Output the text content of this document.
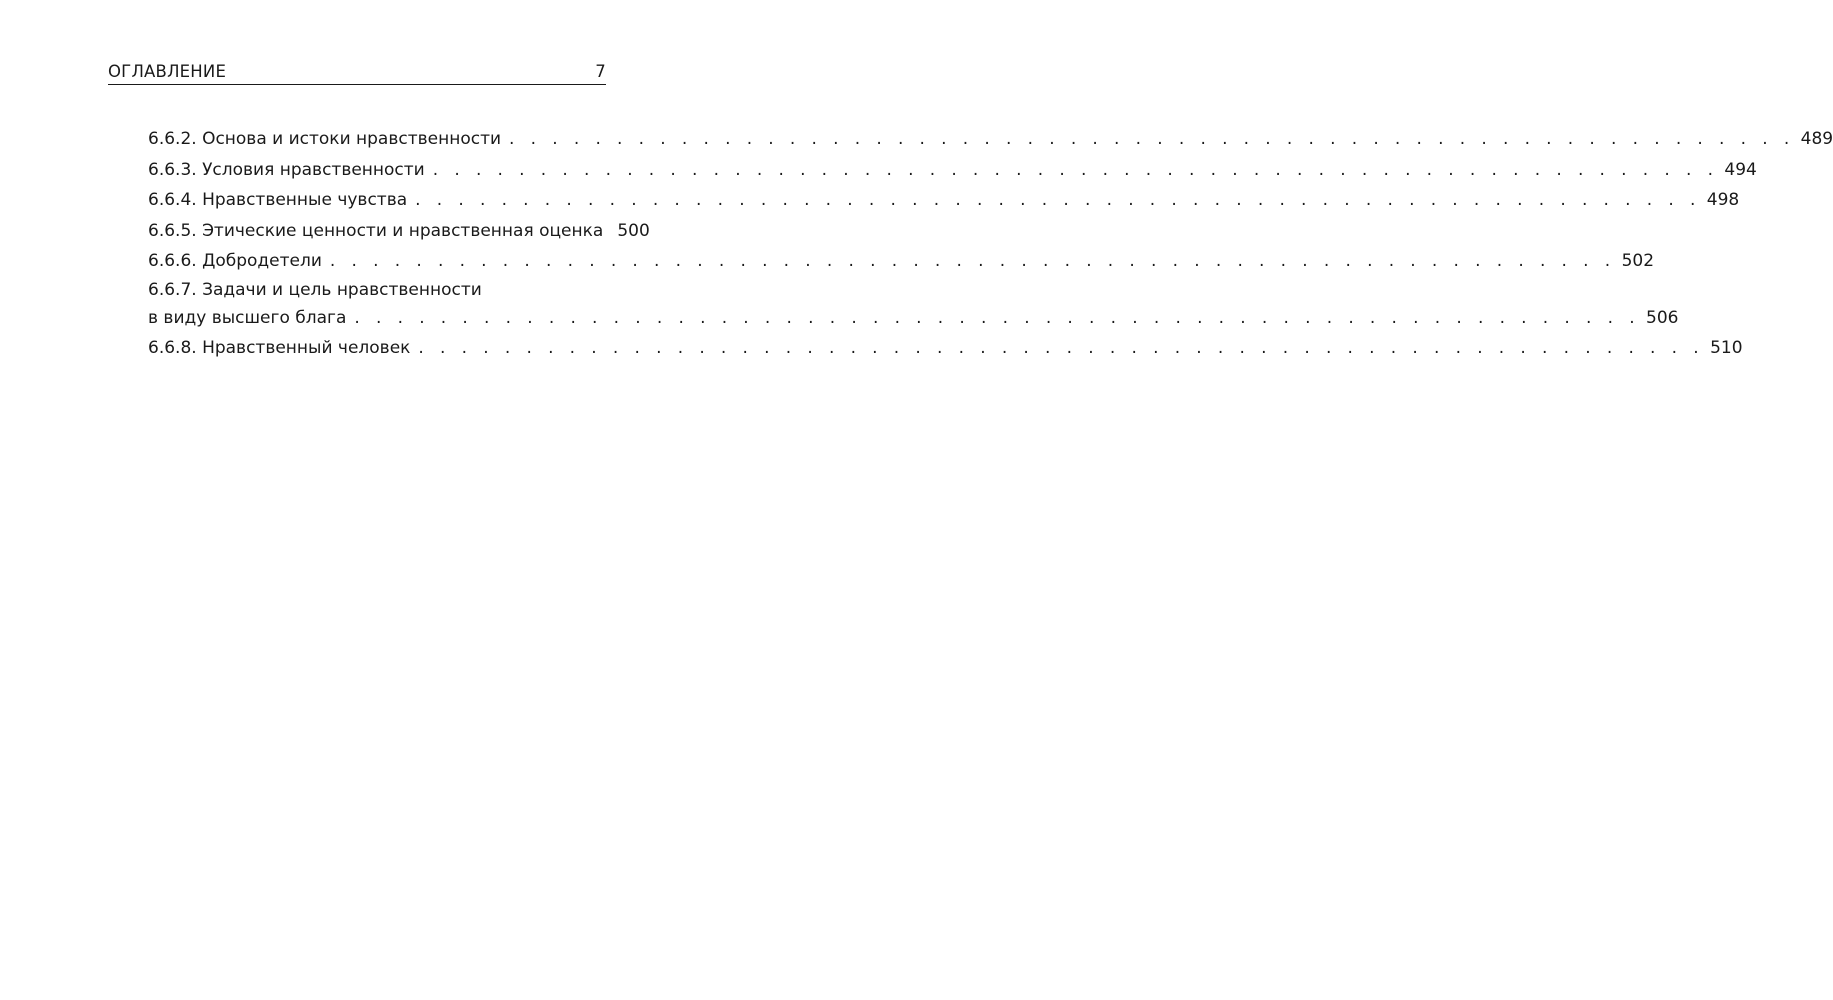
ОГЛАВЛЕНИЕ	7
6.6.2. Основа и истоки нравственности . . . . . . . . . . . . . . . . . . . . . . . . . . . . . . . . . . . . . . . . . . . . . . . . . . . . . . . . . . . . 489
6.6.3. Условия нравственности . . . . . . . . . . . . . . . . . . . . . . . . . . . . . . . . . . . . . . . . . . . . . . . . . . . . . . . . . . . . 494
6.6.4. Нравственные чувства . . . . . . . . . . . . . . . . . . . . . . . . . . . . . . . . . . . . . . . . . . . . . . . . . . . . . . . . . . . . 498
6.6.5. Этические ценности и нравственная оценка 500
6.6.6. Добродетели . . . . . . . . . . . . . . . . . . . . . . . . . . . . . . . . . . . . . . . . . . . . . . . . . . . . . . . . . . . . 502
6.6.7. Задачи и цель нравственности
в виду высшего блага . . . . . . . . . . . . . . . . . . . . . . . . . . . . . . . . . . . . . . . . . . . . . . . . . . . . . . . . . . . . 506
6.6.8. Нравственный человек . . . . . . . . . . . . . . . . . . . . . . . . . . . . . . . . . . . . . . . . . . . . . . . . . . . . . . . . . . . . 510
